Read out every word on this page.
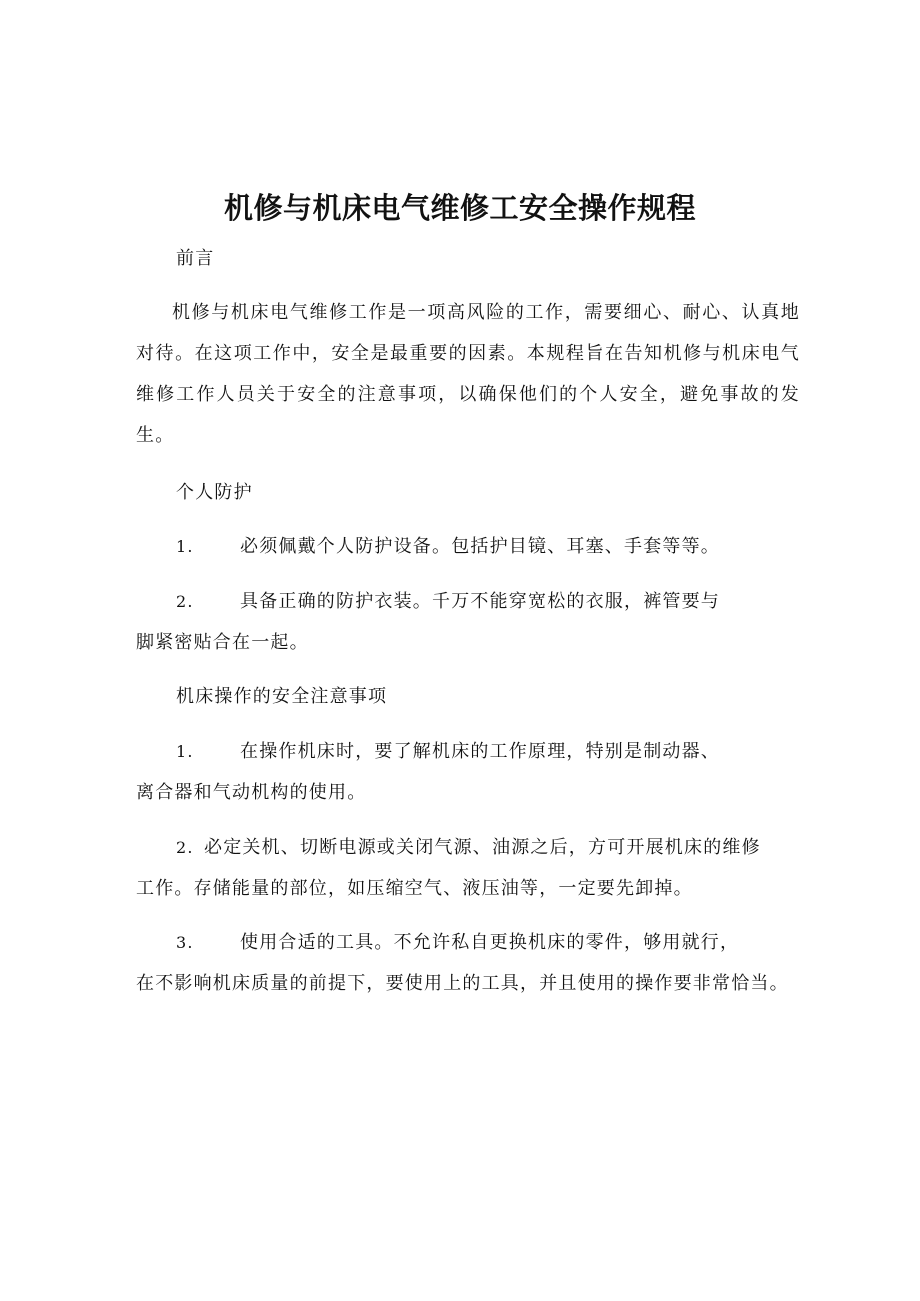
机修与机床电气维修工安全操作规程

前言

机修与机床电气维修工作是一项高风险的工作，需要细心、耐心、认真地对待。在这项工作中，安全是最重要的因素。本规程旨在告知机修与机床电气维修工作人员关于安全的注意事项，以确保他们的个人安全，避免事故的发生。

个人防护

1.	必须佩戴个人防护设备。包括护目镜、耳塞、手套等等。

2.	具备正确的防护衣装。千万不能穿宽松的衣服，裤管要与
脚紧密贴合在一起。

机床操作的安全注意事项

1.	在操作机床时，要了解机床的工作原理，特别是制动器、
离合器和气动机构的使用。

2. 必定关机、切断电源或关闭气源、油源之后，方可开展机床的维修
工作。存储能量的部位，如压缩空气、液压油等，一定要先卸掉。

3.	使用合适的工具。不允许私自更换机床的零件，够用就行，
在不影响机床质量的前提下，要使用上的工具，并且使用的操作要非常恰当。
